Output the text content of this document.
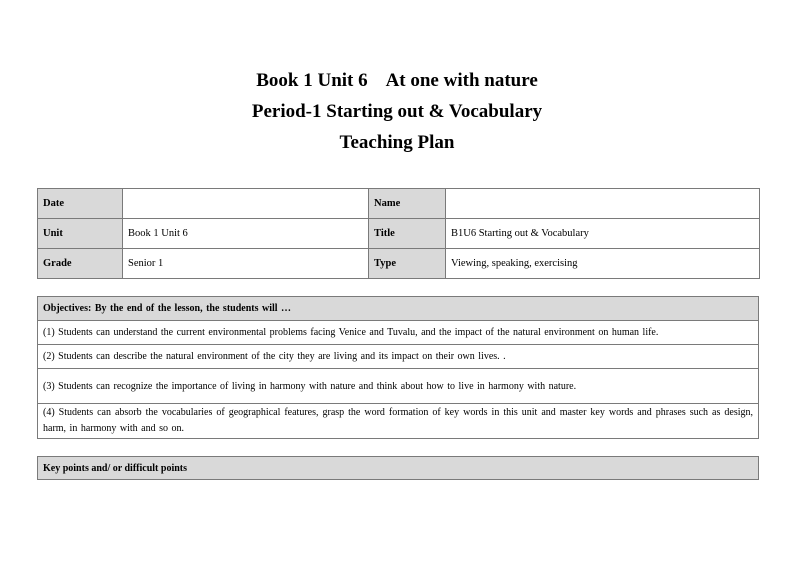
Book 1 Unit 6    At one with nature
Period-1 Starting out & Vocabulary
Teaching Plan
Date		Name	
Unit	Book 1 Unit 6	Title	B1U6 Starting out & Vocabulary
Grade	Senior 1	Type	Viewing, speaking, exercising
Objectives: By the end of the lesson, the students will …
(1) Students can understand the current environmental problems facing Venice and Tuvalu, and the impact of the natural environment on human life.
(2) Students can describe the natural environment of the city they are living and its impact on their own lives. .
(3) Students can recognize the importance of living in harmony with nature and think about how to live in harmony with nature.
(4) Students can absorb the vocabularies of geographical features, grasp the word formation of key words in this unit and master key words and phrases such as design, harm, in harmony with and so on.
Key points and/ or difficult points
